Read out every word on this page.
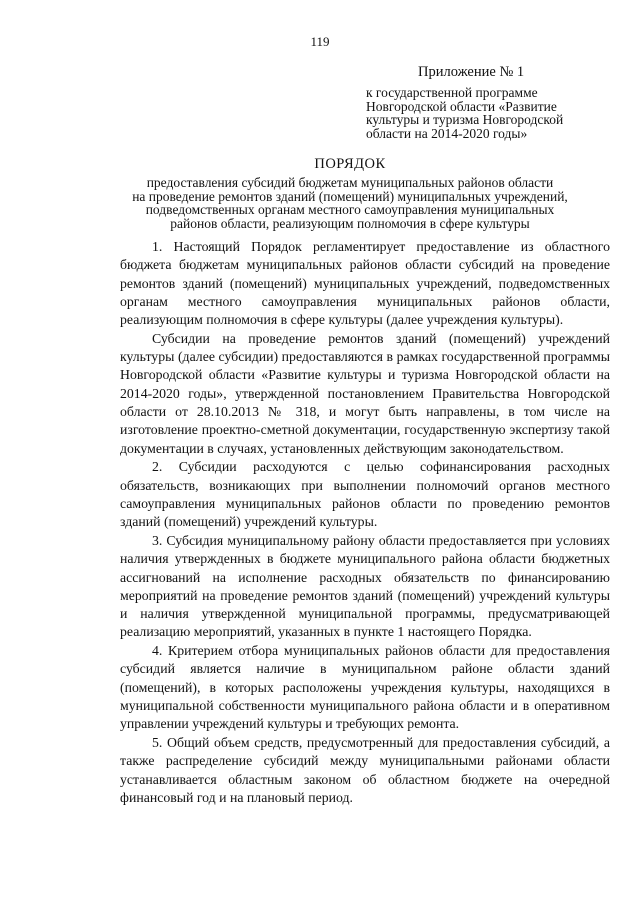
119
Приложение № 1
к государственной программе
Новгородской области «Развитие
культуры и туризма Новгородской
области на 2014-2020 годы»
ПОРЯДОК
предоставления субсидий бюджетам муниципальных районов области
на проведение ремонтов зданий (помещений) муниципальных учреждений,
подведомственных органам местного самоуправления муниципальных
районов области, реализующим полномочия в сфере культуры

1. Настоящий Порядок регламентирует предоставление из областного бюджета бюджетам муниципальных районов области субсидий на проведение ремонтов зданий (помещений) муниципальных учреждений, подведомственных органам местного самоуправления муниципальных районов области, реализующим полномочия в сфере культуры (далее учреждения культуры).

Субсидии на проведение ремонтов зданий (помещений) учреждений культуры (далее субсидии) предоставляются в рамках государственной программы Новгородской области «Развитие культуры и туризма Новгородской области на 2014-2020 годы», утвержденной постановлением Правительства Новгородской области от 28.10.2013 № 318, и могут быть направлены, в том числе на изготовление проектно-сметной документации, государственную экспертизу такой документации в случаях, установленных действующим законодательством.

2. Субсидии расходуются с целью софинансирования расходных обязательств, возникающих при выполнении полномочий органов местного самоуправления муниципальных районов области по проведению ремонтов зданий (помещений) учреждений культуры.

3. Субсидия муниципальному району области предоставляется при условиях наличия утвержденных в бюджете муниципального района области бюджетных ассигнований на исполнение расходных обязательств по финансированию мероприятий на проведение ремонтов зданий (помещений) учреждений культуры и наличия утвержденной муниципальной программы, предусматривающей реализацию мероприятий, указанных в пункте 1 настоящего Порядка.

4. Критерием отбора муниципальных районов области для предоставления субсидий является наличие в муниципальном районе области зданий (помещений), в которых расположены учреждения культуры, находящихся в муниципальной собственности муниципального района области и в оперативном управлении учреждений культуры и требующих ремонта.

5. Общий объем средств, предусмотренный для предоставления субсидий, а также распределение субсидий между муниципальными районами области устанавливается областным законом об областном бюджете на очередной финансовый год и на плановый период.
